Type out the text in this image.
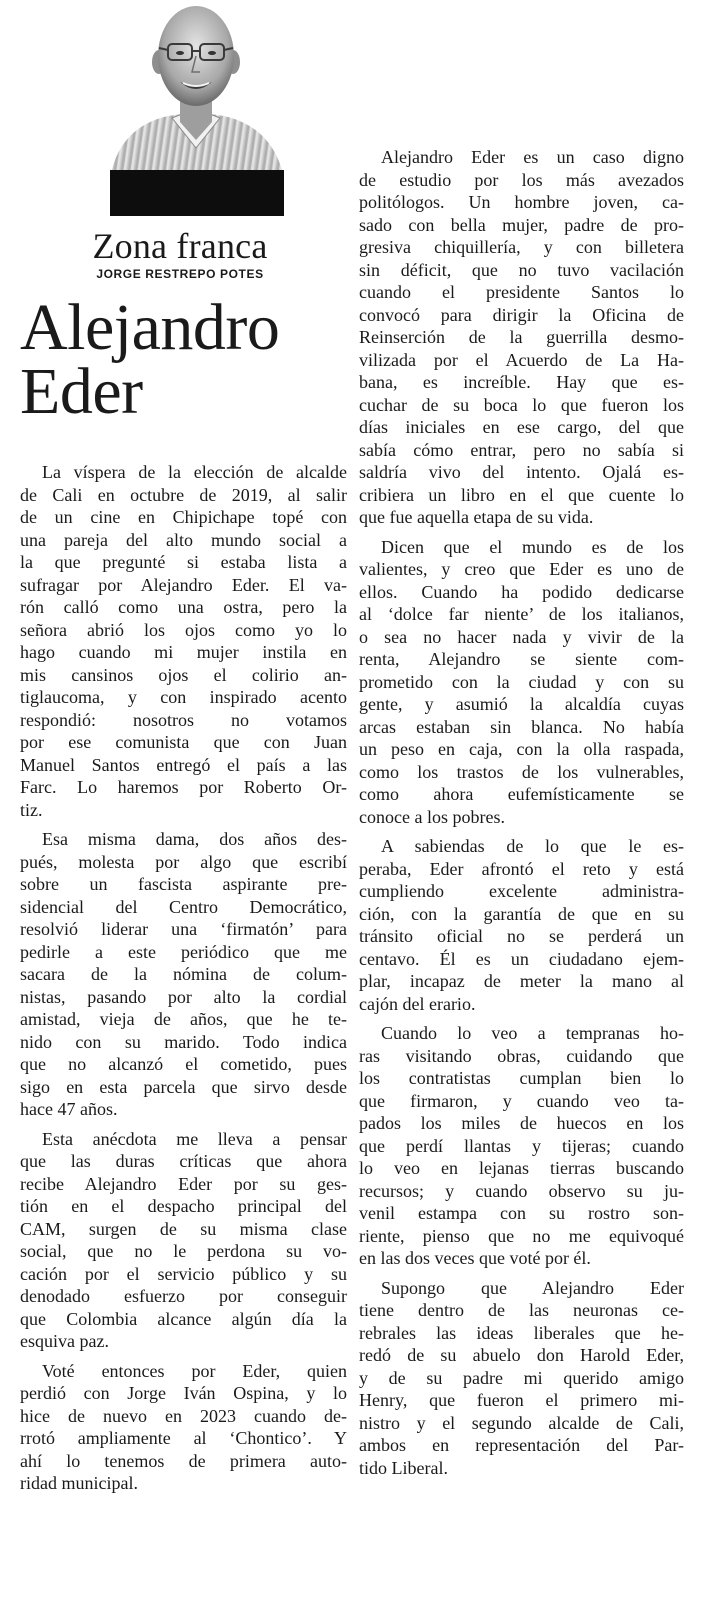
Zona franca
JORGE RESTREPO POTES
Alejandro
Eder
La víspera de la elección de alcalde
de Cali en octubre de 2019, al salir
de un cine en Chipichape topé con
una pareja del alto mundo social a
la que pregunté si estaba lista a
sufragar por Alejandro Eder. El va-
rón calló como una ostra, pero la
señora abrió los ojos como yo lo
hago cuando mi mujer instila en
mis cansinos ojos el colirio an-
tiglaucoma, y con inspirado acento
respondió: nosotros no votamos
por ese comunista que con Juan
Manuel Santos entregó el país a las
Farc. Lo haremos por Roberto Or-
tiz.
Esa misma dama, dos años des-
pués, molesta por algo que escribí
sobre un fascista aspirante pre-
sidencial del Centro Democrático,
resolvió liderar una ‘firmatón’ para
pedirle a este periódico que me
sacara de la nómina de colum-
nistas, pasando por alto la cordial
amistad, vieja de años, que he te-
nido con su marido. Todo indica
que no alcanzó el cometido, pues
sigo en esta parcela que sirvo desde
hace 47 años.
Esta anécdota me lleva a pensar
que las duras críticas que ahora
recibe Alejandro Eder por su ges-
tión en el despacho principal del
CAM, surgen de su misma clase
social, que no le perdona su vo-
cación por el servicio público y su
denodado esfuerzo por conseguir
que Colombia alcance algún día la
esquiva paz.
Voté entonces por Eder, quien
perdió con Jorge Iván Ospina, y lo
hice de nuevo en 2023 cuando de-
rrotó ampliamente al ‘Chontico’. Y
ahí lo tenemos de primera auto-
ridad municipal.
Alejandro Eder es un caso digno
de estudio por los más avezados
politólogos. Un hombre joven, ca-
sado con bella mujer, padre de pro-
gresiva chiquillería, y con billetera
sin déficit, que no tuvo vacilación
cuando el presidente Santos lo
convocó para dirigir la Oficina de
Reinserción de la guerrilla desmo-
vilizada por el Acuerdo de La Ha-
bana, es increíble. Hay que es-
cuchar de su boca lo que fueron los
días iniciales en ese cargo, del que
sabía cómo entrar, pero no sabía si
saldría vivo del intento. Ojalá es-
cribiera un libro en el que cuente lo
que fue aquella etapa de su vida.
Dicen que el mundo es de los
valientes, y creo que Eder es uno de
ellos. Cuando ha podido dedicarse
al ‘dolce far niente’ de los italianos,
o sea no hacer nada y vivir de la
renta, Alejandro se siente com-
prometido con la ciudad y con su
gente, y asumió la alcaldía cuyas
arcas estaban sin blanca. No había
un peso en caja, con la olla raspada,
como los trastos de los vulnerables,
como ahora eufemísticamente se
conoce a los pobres.
A sabiendas de lo que le es-
peraba, Eder afrontó el reto y está
cumpliendo excelente administra-
ción, con la garantía de que en su
tránsito oficial no se perderá un
centavo. Él es un ciudadano ejem-
plar, incapaz de meter la mano al
cajón del erario.
Cuando lo veo a tempranas ho-
ras visitando obras, cuidando que
los contratistas cumplan bien lo
que firmaron, y cuando veo ta-
pados los miles de huecos en los
que perdí llantas y tijeras; cuando
lo veo en lejanas tierras buscando
recursos; y cuando observo su ju-
venil estampa con su rostro son-
riente, pienso que no me equivoqué
en las dos veces que voté por él.
Supongo que Alejandro Eder
tiene dentro de las neuronas ce-
rebrales las ideas liberales que he-
redó de su abuelo don Harold Eder,
y de su padre mi querido amigo
Henry, que fueron el primero mi-
nistro y el segundo alcalde de Cali,
ambos en representación del Par-
tido Liberal.
